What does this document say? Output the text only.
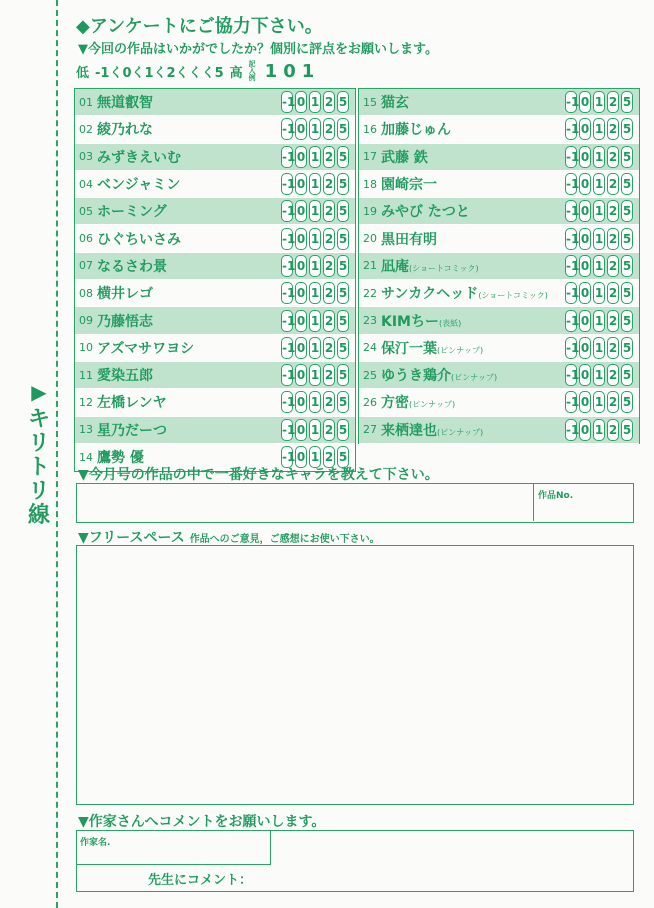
▶
キ
リ
ト
リ
線
◆アンケートにご協力下さい。
▼今回の作品はいかがでしたか？個別に評点をお願いします。
低 -1く0く1く2くくく5 高
記入例 1 0 1
01 無道叡智	-1 0 1 2 5
02 綾乃れな	-1 0 1 2 5
03 みずきえいむ	-1 0 1 2 5
04 ベンジャミン	-1 0 1 2 5
05 ホーミング	-1 0 1 2 5
06 ひぐちいさみ	-1 0 1 2 5
07 なるさわ景	-1 0 1 2 5
08 横井レゴ	-1 0 1 2 5
09 乃藤悟志	-1 0 1 2 5
10 アズマサワヨシ	-1 0 1 2 5
11 愛染五郎	-1 0 1 2 5
12 左橋レンヤ	-1 0 1 2 5
13 星乃だーつ	-1 0 1 2 5
14 鷹勢 優	-1 0 1 2 5
15 猫玄	-1 0 1 2 5
16 加藤じゅん	-1 0 1 2 5
17 武藤 鉄	-1 0 1 2 5
18 園崎宗一	-1 0 1 2 5
19 みやび たつと	-1 0 1 2 5
20 黒田有明	-1 0 1 2 5
21 凪庵(ショートコミック)	-1 0 1 2 5
22 サンカクヘッド(ショートコミック)	-1 0 1 2 5
23 KIMちー(表紙)	-1 0 1 2 5
24 保汀一葉(ピンナップ)	-1 0 1 2 5
25 ゆうき鶏介(ピンナップ)	-1 0 1 2 5
26 方密(ピンナップ)	-1 0 1 2 5
27 来栖達也(ピンナップ)	-1 0 1 2 5
▼今月号の作品の中で一番好きなキャラを教えて下さい。
作品No.
▼フリースペース 作品へのご意見，ご感想にお使い下さい。
▼作家さんへコメントをお願いします。
作家名.
先生にコメント：
